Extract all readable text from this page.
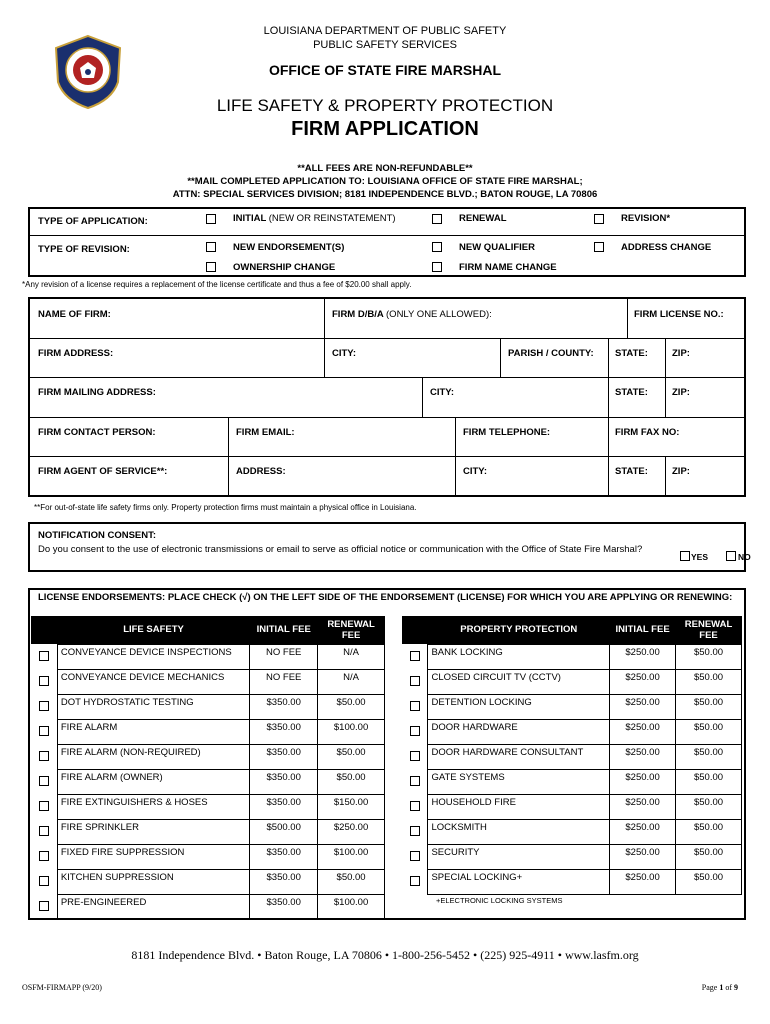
LOUISIANA DEPARTMENT OF PUBLIC SAFETY
PUBLIC SAFETY SERVICES
OFFICE OF STATE FIRE MARSHAL
LIFE SAFETY & PROPERTY PROTECTION
FIRM APPLICATION
**ALL FEES ARE NON-REFUNDABLE**
**MAIL COMPLETED APPLICATION TO: LOUISIANA OFFICE OF STATE FIRE MARSHAL;
ATTN: SPECIAL SERVICES DIVISION; 8181 INDEPENDENCE BLVD.; BATON ROUGE, LA 70806
TYPE OF APPLICATION:	INITIAL (NEW OR REINSTATEMENT)	RENEWAL	REVISION*
TYPE OF REVISION:	NEW ENDORSEMENT(S)	NEW QUALIFIER	ADDRESS CHANGE
OWNERSHIP CHANGE	FIRM NAME CHANGE
*Any revision of a license requires a replacement of the license certificate and thus a fee of $20.00 shall apply.
NAME OF FIRM:	FIRM D/B/A (ONLY ONE ALLOWED):	FIRM LICENSE NO.:
FIRM ADDRESS:	CITY:	PARISH / COUNTY: STATE:	ZIP:
FIRM MAILING ADDRESS:	CITY:	STATE:	ZIP:
FIRM CONTACT PERSON:	FIRM EMAIL:	FIRM TELEPHONE:	FIRM FAX NO:
FIRM AGENT OF SERVICE**:	ADDRESS:	CITY:	STATE:	ZIP:
**For out-of-state life safety firms only. Property protection firms must maintain a physical office in Louisiana.
NOTIFICATION CONSENT:
Do you consent to the use of electronic transmissions or email to serve as official notice or communication with the Office of State Fire Marshal?
YES	NO
LICENSE ENDORSEMENTS: PLACE CHECK (√) ON THE LEFT SIDE OF THE ENDORSEMENT (LICENSE) FOR WHICH YOU ARE APPLYING OR RENEWING:
	LIFE SAFETY	INITIAL FEE	RENEWAL FEE
	CONVEYANCE DEVICE INSPECTIONS	NO FEE	N/A
	CONVEYANCE DEVICE MECHANICS	NO FEE	N/A
	DOT HYDROSTATIC TESTING	$350.00	$50.00
	FIRE ALARM	$350.00	$100.00
	FIRE ALARM (NON-REQUIRED)	$350.00	$50.00
	FIRE ALARM (OWNER)	$350.00	$50.00
	FIRE EXTINGUISHERS & HOSES	$350.00	$150.00
	FIRE SPRINKLER	$500.00	$250.00
	FIXED FIRE SUPPRESSION	$350.00	$100.00
	KITCHEN SUPPRESSION	$350.00	$50.00
	PRE-ENGINEERED	$350.00	$100.00
	PROPERTY PROTECTION	INITIAL FEE	RENEWAL FEE
	BANK LOCKING	$250.00	$50.00
	CLOSED CIRCUIT TV (CCTV)	$250.00	$50.00
	DETENTION LOCKING	$250.00	$50.00
	DOOR HARDWARE	$250.00	$50.00
	DOOR HARDWARE CONSULTANT	$250.00	$50.00
	GATE SYSTEMS	$250.00	$50.00
	HOUSEHOLD FIRE	$250.00	$50.00
	LOCKSMITH	$250.00	$50.00
	SECURITY	$250.00	$50.00
	SPECIAL LOCKING+	$250.00	$50.00
+ELECTRONIC LOCKING SYSTEMS
8181 Independence Blvd. • Baton Rouge, LA 70806 • 1-800-256-5452 • (225) 925-4911 • www.lasfm.org
OSFM-FIRMAPP (9/20)	Page 1 of 9
